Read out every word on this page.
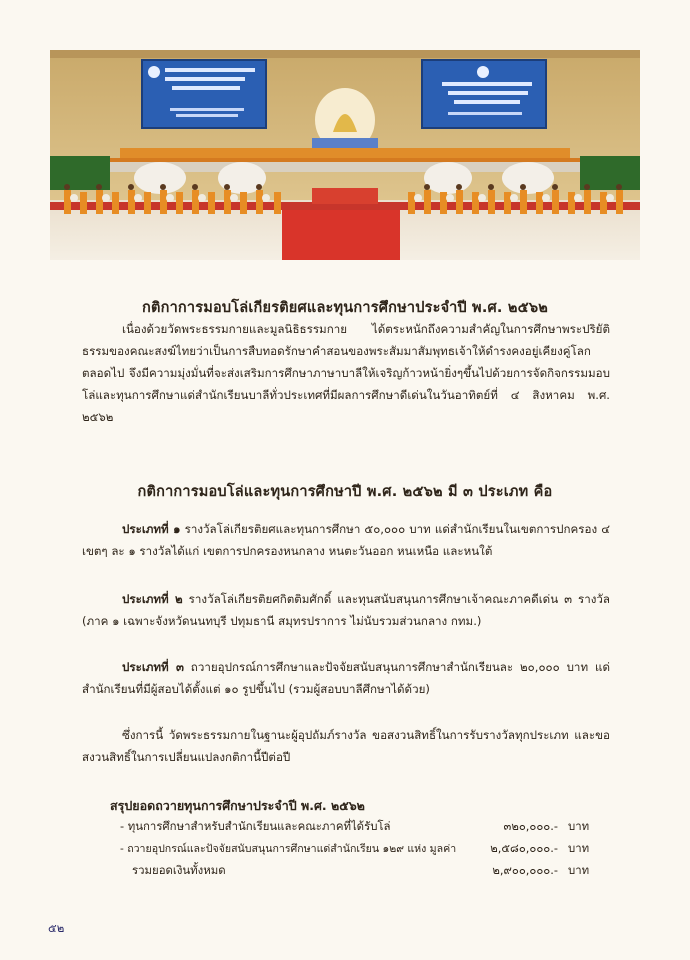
กติกาการมอบโล่เกียรติยศและทุนการศึกษาประจำปี พ.ศ. ๒๕๖๒
เนื่องด้วยวัดพระธรรมกายและมูลนิธิธรรมกาย ได้ตระหนักถึงความสำคัญในการศึกษาพระปริยัติธรรมของคณะสงฆ์ไทยว่าเป็นการสืบทอดรักษาคำสอนของพระสัมมาสัมพุทธเจ้าให้ดำรงคงอยู่เคียงคู่โลกตลอดไป จึงมีความมุ่งมั่นที่จะส่งเสริมการศึกษาภาษาบาลีให้เจริญก้าวหน้ายิ่งๆขึ้นไปด้วยการจัดกิจกรรมมอบโล่และทุนการศึกษาแด่สำนักเรียนบาลีทั่วประเทศที่มีผลการศึกษาดีเด่นในวันอาทิตย์ที่ ๔ สิงหาคม พ.ศ. ๒๕๖๒
กติกาการมอบโล่และทุนการศึกษาปี พ.ศ. ๒๕๖๒ มี ๓ ประเภท คือ
ประเภทที่ ๑ รางวัลโล่เกียรติยศและทุนการศึกษา ๕๐,๐๐๐ บาท แด่สำนักเรียนในเขตการปกครอง ๔ เขตๆ ละ ๑ รางวัลได้แก่ เขตการปกครองหนกลาง หนตะวันออก หนเหนือ และหนใต้
ประเภทที่ ๒ รางวัลโล่เกียรติยศกิตติมศักดิ์ และทุนสนับสนุนการศึกษาเจ้าคณะภาคดีเด่น ๓ รางวัล (ภาค ๑ เฉพาะจังหวัดนนทบุรี ปทุมธานี สมุทรปราการ ไม่นับรวมส่วนกลาง กทม.)
ประเภทที่ ๓ ถวายอุปกรณ์การศึกษาและปัจจัยสนับสนุนการศึกษาสำนักเรียนละ ๒๐,๐๐๐ บาท แด่สำนักเรียนที่มีผู้สอบได้ตั้งแต่ ๑๐ รูปขึ้นไป (รวมผู้สอบบาลีศึกษาได้ด้วย)
ซึ่งการนี้ วัดพระธรรมกายในฐานะผู้อุปถัมภ์รางวัล ขอสงวนสิทธิ์ในการรับรางวัลทุกประเภท และขอสงวนสิทธิ์ในการเปลี่ยนแปลงกติกานี้ปีต่อปี
สรุปยอดถวายทุนการศึกษาประจำปี พ.ศ. ๒๕๖๒
- ทุนการศึกษาสำหรับสำนักเรียนและคณะภาคที่ได้รับโล่	๓๒๐,๐๐๐.- บาท
- ถวายอุปกรณ์และปัจจัยสนับสนุนการศึกษาแด่สำนักเรียน ๑๒๙ แห่ง มูลค่า	๒,๕๘๐,๐๐๐.- บาท
รวมยอดเงินทั้งหมด	๒,๙๐๐,๐๐๐.- บาท
๕๒
